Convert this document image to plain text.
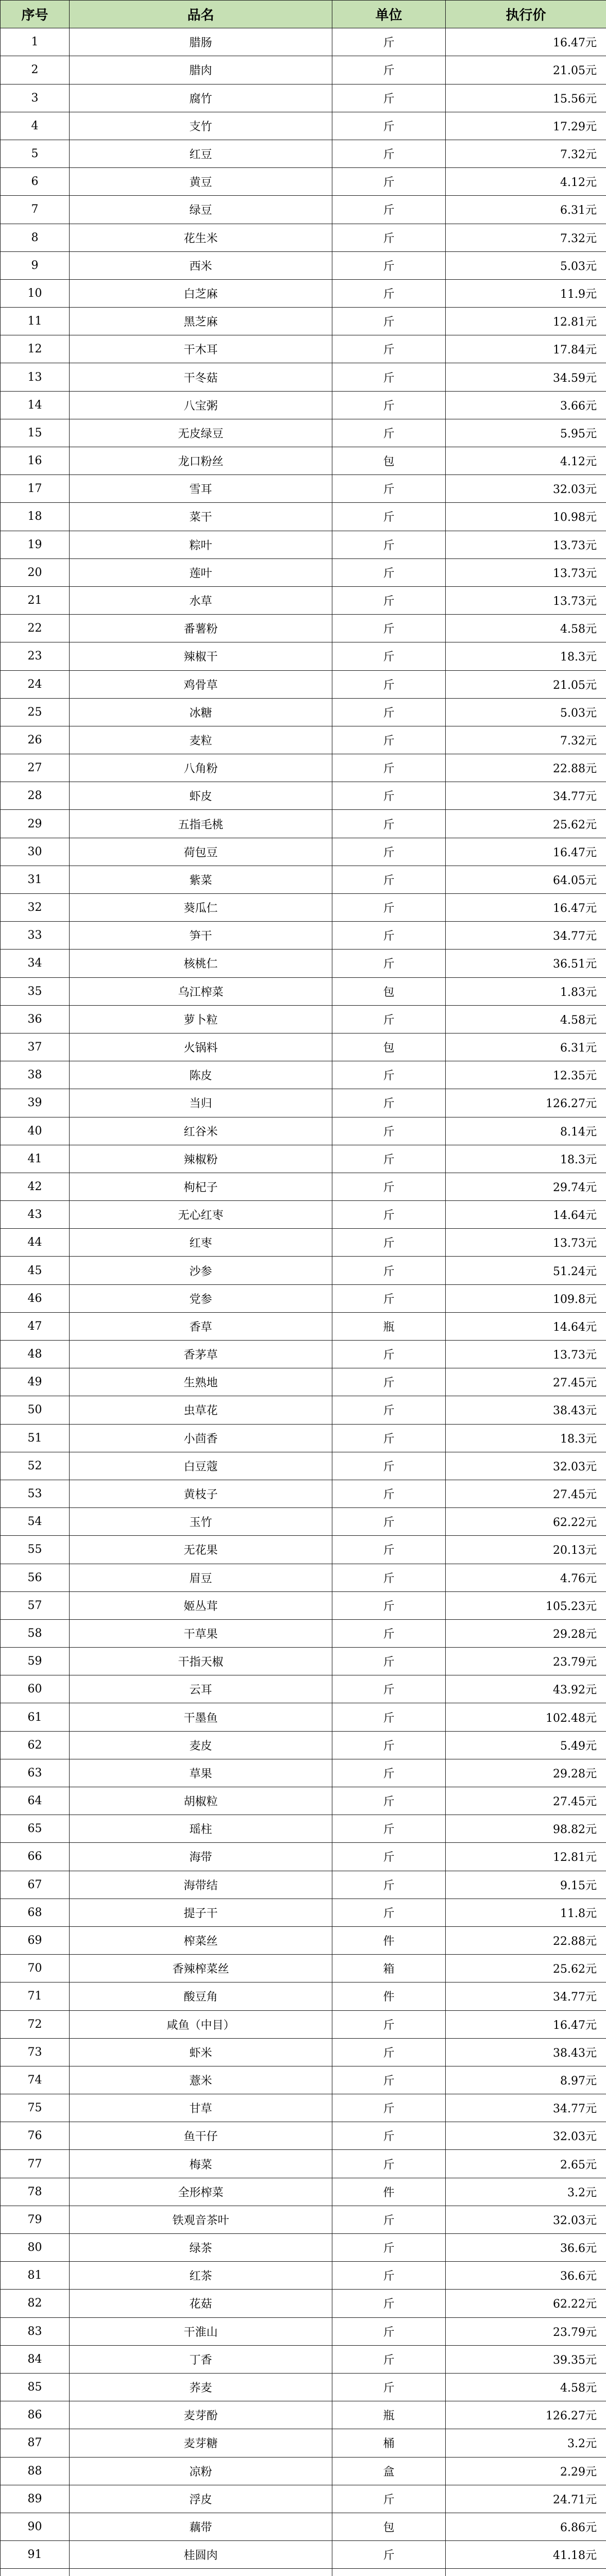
序号	品名	单位	执行价
1	腊肠	斤	16.47元
2	腊肉	斤	21.05元
3	腐竹	斤	15.56元
4	支竹	斤	17.29元
5	红豆	斤	7.32元
6	黄豆	斤	4.12元
7	绿豆	斤	6.31元
8	花生米	斤	7.32元
9	西米	斤	5.03元
10	白芝麻	斤	11.9元
11	黑芝麻	斤	12.81元
12	干木耳	斤	17.84元
13	干冬菇	斤	34.59元
14	八宝粥	斤	3.66元
15	无皮绿豆	斤	5.95元
16	龙口粉丝	包	4.12元
17	雪耳	斤	32.03元
18	菜干	斤	10.98元
19	粽叶	斤	13.73元
20	莲叶	斤	13.73元
21	水草	斤	13.73元
22	番薯粉	斤	4.58元
23	辣椒干	斤	18.3元
24	鸡骨草	斤	21.05元
25	冰糖	斤	5.03元
26	麦粒	斤	7.32元
27	八角粉	斤	22.88元
28	虾皮	斤	34.77元
29	五指毛桃	斤	25.62元
30	荷包豆	斤	16.47元
31	紫菜	斤	64.05元
32	葵瓜仁	斤	16.47元
33	笋干	斤	34.77元
34	核桃仁	斤	36.51元
35	乌江榨菜	包	1.83元
36	萝卜粒	斤	4.58元
37	火锅料	包	6.31元
38	陈皮	斤	12.35元
39	当归	斤	126.27元
40	红谷米	斤	8.14元
41	辣椒粉	斤	18.3元
42	枸杞子	斤	29.74元
43	无心红枣	斤	14.64元
44	红枣	斤	13.73元
45	沙参	斤	51.24元
46	党参	斤	109.8元
47	香草	瓶	14.64元
48	香茅草	斤	13.73元
49	生熟地	斤	27.45元
50	虫草花	斤	38.43元
51	小茴香	斤	18.3元
52	白豆蔻	斤	32.03元
53	黄枝子	斤	27.45元
54	玉竹	斤	62.22元
55	无花果	斤	20.13元
56	眉豆	斤	4.76元
57	姬丛茸	斤	105.23元
58	干草果	斤	29.28元
59	干指天椒	斤	23.79元
60	云耳	斤	43.92元
61	干墨鱼	斤	102.48元
62	麦皮	斤	5.49元
63	草果	斤	29.28元
64	胡椒粒	斤	27.45元
65	瑶柱	斤	98.82元
66	海带	斤	12.81元
67	海带结	斤	9.15元
68	提子干	斤	11.8元
69	榨菜丝	件	22.88元
70	香辣榨菜丝	箱	25.62元
71	酸豆角	件	34.77元
72	咸鱼（中目）	斤	16.47元
73	虾米	斤	38.43元
74	薏米	斤	8.97元
75	甘草	斤	34.77元
76	鱼干仔	斤	32.03元
77	梅菜	斤	2.65元
78	全形榨菜	件	3.2元
79	铁观音茶叶	斤	32.03元
80	绿茶	斤	36.6元
81	红茶	斤	36.6元
82	花菇	斤	62.22元
83	干淮山	斤	23.79元
84	丁香	斤	39.35元
85	荞麦	斤	4.58元
86	麦芽酚	瓶	126.27元
87	麦芽糖	桶	3.2元
88	凉粉	盒	2.29元
89	浮皮	斤	24.71元
90	藕带	包	6.86元
91	桂圆肉	斤	41.18元
